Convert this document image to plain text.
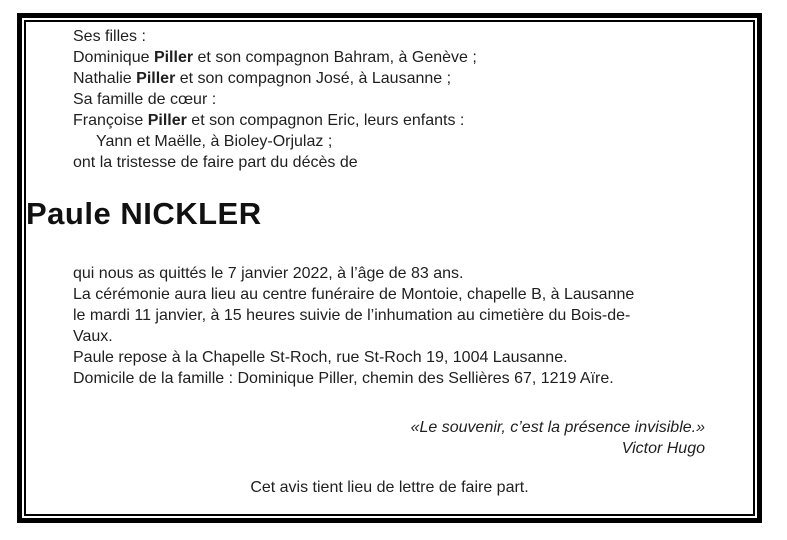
Ses filles :
Dominique Piller et son compagnon Bahram, à Genève ;
Nathalie Piller et son compagnon José, à Lausanne ;
Sa famille de cœur :
Françoise Piller et son compagnon Eric, leurs enfants :
Yann et Maëlle, à Bioley-Orjulaz ;
ont la tristesse de faire part du décès de
Paule NICKLER
qui nous as quittés le 7 janvier 2022, à l’âge de 83 ans.
La cérémonie aura lieu au centre funéraire de Montoie, chapelle B, à Lausanne
le mardi 11 janvier, à 15 heures suivie de l’inhumation au cimetière du Bois-de-
Vaux.
Paule repose à la Chapelle St-Roch, rue St-Roch 19, 1004 Lausanne.
Domicile de la famille : Dominique Piller, chemin des Sellières 67, 1219 Aïre.
«Le souvenir, c’est la présence invisible.»
Victor Hugo
Cet avis tient lieu de lettre de faire part.
